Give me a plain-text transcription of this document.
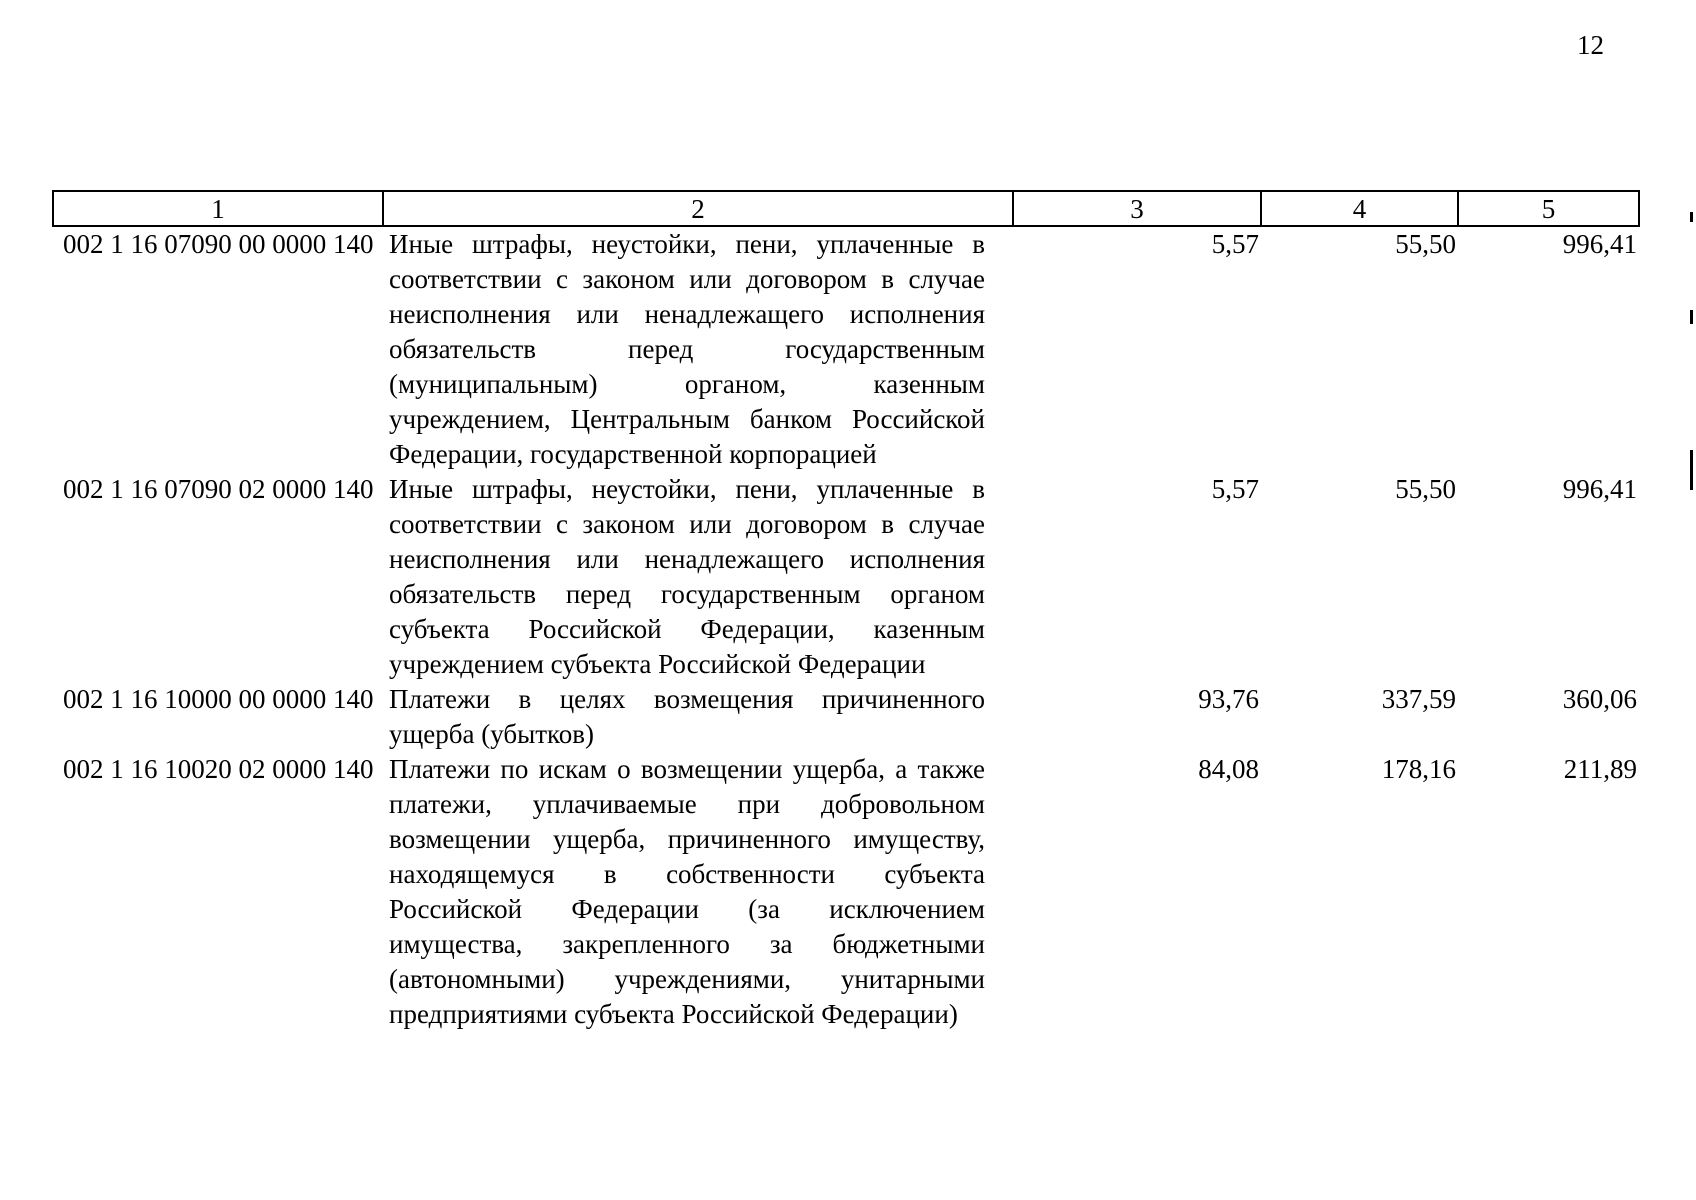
12
1	2	3	4	5
002 1 16 07090 00 0000 140	Иные штрафы, неустойки, пени, уплаченные в соответствии с законом или договором в случае неисполнения или ненадлежащего исполнения обязательств перед государственным (муниципальным) органом, казенным учреждением, Центральным банком Российской Федерации, государственной корпорацией	5,57	55,50	996,41
002 1 16 07090 02 0000 140	Иные штрафы, неустойки, пени, уплаченные в соответствии с законом или договором в случае неисполнения или ненадлежащего исполнения обязательств перед государственным органом субъекта Российской Федерации, казенным учреждением субъекта Российской Федерации	5,57	55,50	996,41
002 1 16 10000 00 0000 140	Платежи в целях возмещения причиненного ущерба (убытков)	93,76	337,59	360,06
002 1 16 10020 02 0000 140	Платежи по искам о возмещении ущерба, а также платежи, уплачиваемые при добровольном возмещении ущерба, причиненного имуществу, находящемуся в собственности субъекта Российской Федерации (за исключением имущества, закрепленного за бюджетными (автономными) учреждениями, унитарными предприятиями субъекта Российской Федерации)	84,08	178,16	211,89
